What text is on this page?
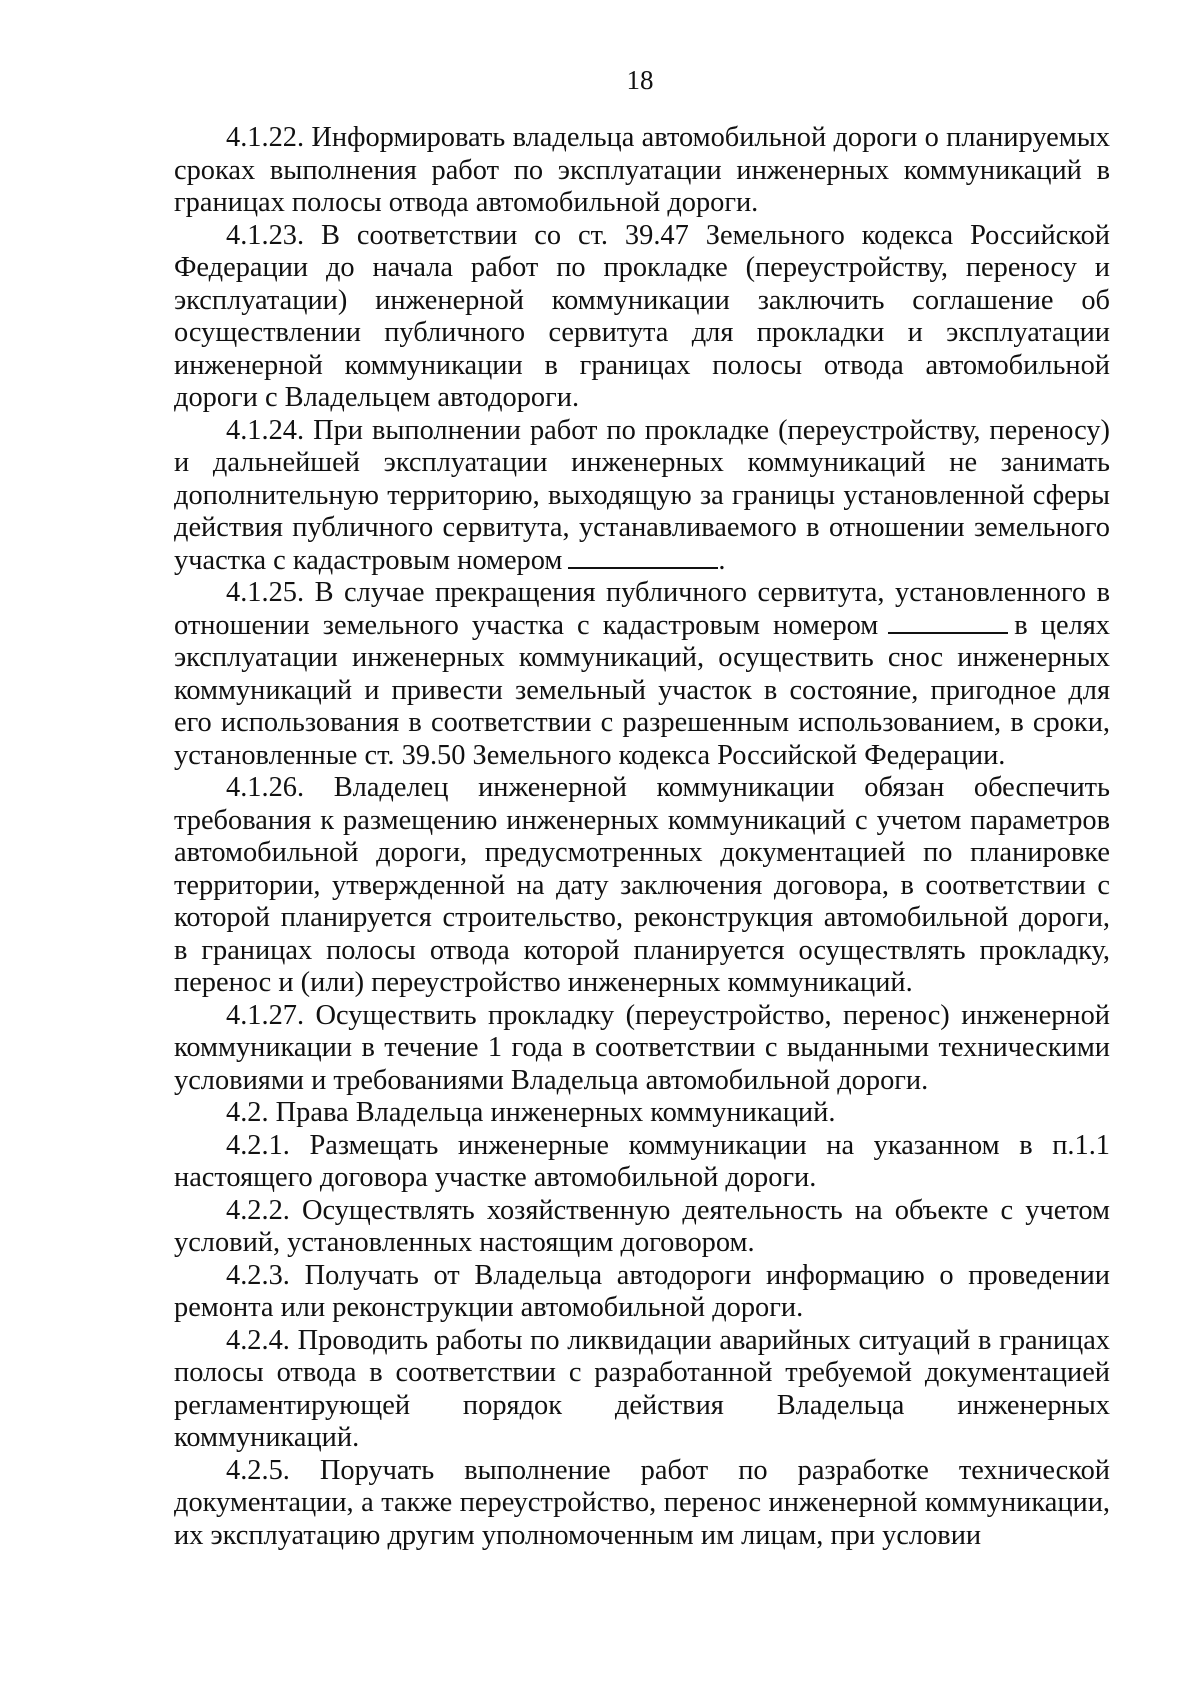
18

4.1.22. Информировать владельца автомобильной дороги о планируемых сроках выполнения работ по эксплуатации инженерных коммуникаций в границах полосы отвода автомобильной дороги.

4.1.23. В соответствии со ст. 39.47 Земельного кодекса Российской Федерации до начала работ по прокладке (переустройству, переносу и эксплуатации) инженерной коммуникации заключить соглашение об осуществлении публичного сервитута для прокладки и эксплуатации инженерной коммуникации в границах полосы отвода автомобильной дороги с Владельцем автодороги.

4.1.24. При выполнении работ по прокладке (переустройству, переносу) и дальнейшей эксплуатации инженерных коммуникаций не занимать дополнительную территорию, выходящую за границы установленной сферы действия публичного сервитута, устанавливаемого в отношении земельного участка с кадастровым номером	.

4.1.25. В случае прекращения публичного сервитута, установленного в отношении земельного участка с кадастровым номером	в целях эксплуатации инженерных коммуникаций, осуществить снос инженерных коммуникаций и привести земельный участок в состояние, пригодное для его использования в соответствии с разрешенным использованием, в сроки, установленные ст. 39.50 Земельного кодекса Российской Федерации.

4.1.26. Владелец инженерной коммуникации обязан обеспечить требования к размещению инженерных коммуникаций с учетом параметров автомобильной дороги, предусмотренных документацией по планировке территории, утвержденной на дату заключения договора, в соответствии с которой планируется строительство, реконструкция автомобильной дороги, в границах полосы отвода которой планируется осуществлять прокладку, перенос и (или) переустройство инженерных коммуникаций.

4.1.27. Осуществить прокладку (переустройство, перенос) инженерной коммуникации в течение 1 года в соответствии с выданными техническими условиями и требованиями Владельца автомобильной дороги.

4.2. Права Владельца инженерных коммуникаций.

4.2.1. Размещать инженерные коммуникации на указанном в п.1.1 настоящего договора участке автомобильной дороги.

4.2.2. Осуществлять хозяйственную деятельность на объекте с учетом условий, установленных настоящим договором.

4.2.3. Получать от Владельца автодороги информацию о проведении ремонта или реконструкции автомобильной дороги.

4.2.4. Проводить работы по ликвидации аварийных ситуаций в границах полосы отвода в соответствии с разработанной требуемой документацией регламентирующей порядок действия Владельца инженерных коммуникаций.

4.2.5. Поручать выполнение работ по разработке технической документации, а также переустройство, перенос инженерной коммуникации, их эксплуатацию другим уполномоченным им лицам, при условии
